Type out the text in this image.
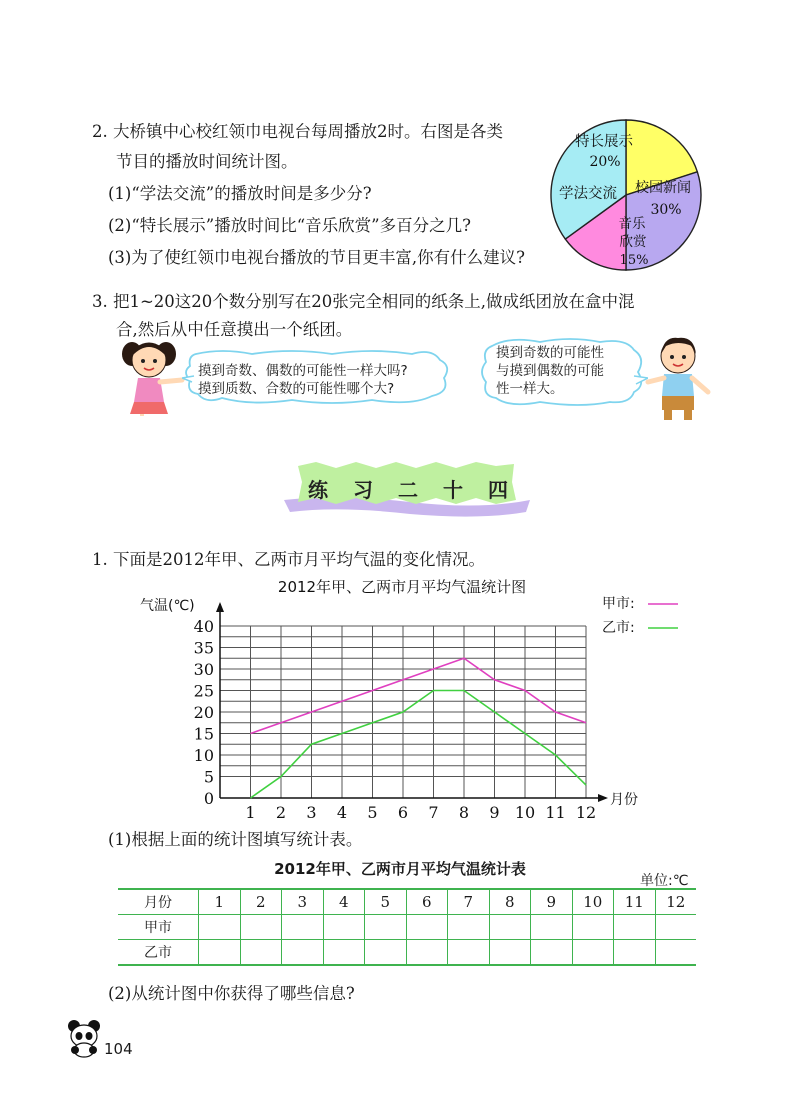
2. 大桥镇中心校红领巾电视台每周播放2时。右图是各类
节目的播放时间统计图。
(1)“学法交流”的播放时间是多少分?
(2)“特长展示”播放时间比“音乐欣赏”多百分之几?
(3)为了使红领巾电视台播放的节目更丰富,你有什么建议?
特长展示
20%
校园新闻
30%
学法交流
音乐
欣赏
15%
3. 把1~20这20个数分别写在20张完全相同的纸条上,做成纸团放在盒中混
合,然后从中任意摸出一个纸团。
摸到奇数、偶数的可能性一样大吗?
摸到质数、合数的可能性哪个大?
摸到奇数的可能性
与摸到偶数的可能
性一样大。
练 习 二 十 四
1. 下面是2012年甲、乙两市月平均气温的变化情况。
2012年甲、乙两市月平均气温统计图
气温(℃)
月份
0
5
10
15
20
25
30
35
40
1 2 3 4 5 6 7 8 9 10 11 12
甲市:
乙市:
(1)根据上面的统计图填写统计表。
2012年甲、乙两市月平均气温统计表
单位:℃
月份	1	2	3	4	5	6	7	8	9	10	11	12
甲市												
乙市												
(2)从统计图中你获得了哪些信息?
104
